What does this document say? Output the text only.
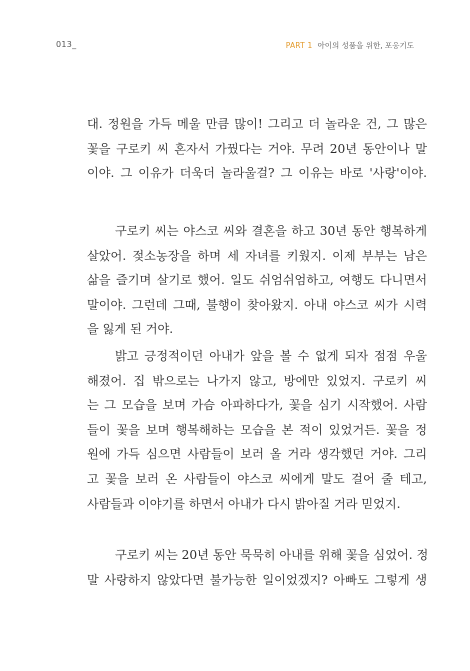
013_	PART 1 아이의 성품을 위한, 포옹기도
대. 정원을 가득 메울 만큼 많이! 그리고 더 놀라운 건, 그 많은
꽃을 구로키 씨 혼자서 가꿨다는 거야. 무려 20년 동안이나 말
이야. 그 이유가 더욱더 놀라울걸? 그 이유는 바로 '사랑'이야.
구로키 씨는 야스코 씨와 결혼을 하고 30년 동안 행복하게
살았어. 젖소농장을 하며 세 자녀를 키웠지. 이제 부부는 남은
삶을 즐기며 살기로 했어. 일도 쉬엄쉬엄하고, 여행도 다니면서
말이야. 그런데 그때, 불행이 찾아왔지. 아내 야스코 씨가 시력
을 잃게 된 거야.
밝고 긍정적이던 아내가 앞을 볼 수 없게 되자 점점 우울
해졌어. 집 밖으로는 나가지 않고, 방에만 있었지. 구로키 씨
는 그 모습을 보며 가슴 아파하다가, 꽃을 심기 시작했어. 사람
들이 꽃을 보며 행복해하는 모습을 본 적이 있었거든. 꽃을 정
원에 가득 심으면 사람들이 보러 올 거라 생각했던 거야. 그리
고 꽃을 보러 온 사람들이 야스코 씨에게 말도 걸어 줄 테고,
사람들과 이야기를 하면서 아내가 다시 밝아질 거라 믿었지.
구로키 씨는 20년 동안 묵묵히 아내를 위해 꽃을 심었어. 정
말 사랑하지 않았다면 불가능한 일이었겠지? 아빠도 그렇게 생
